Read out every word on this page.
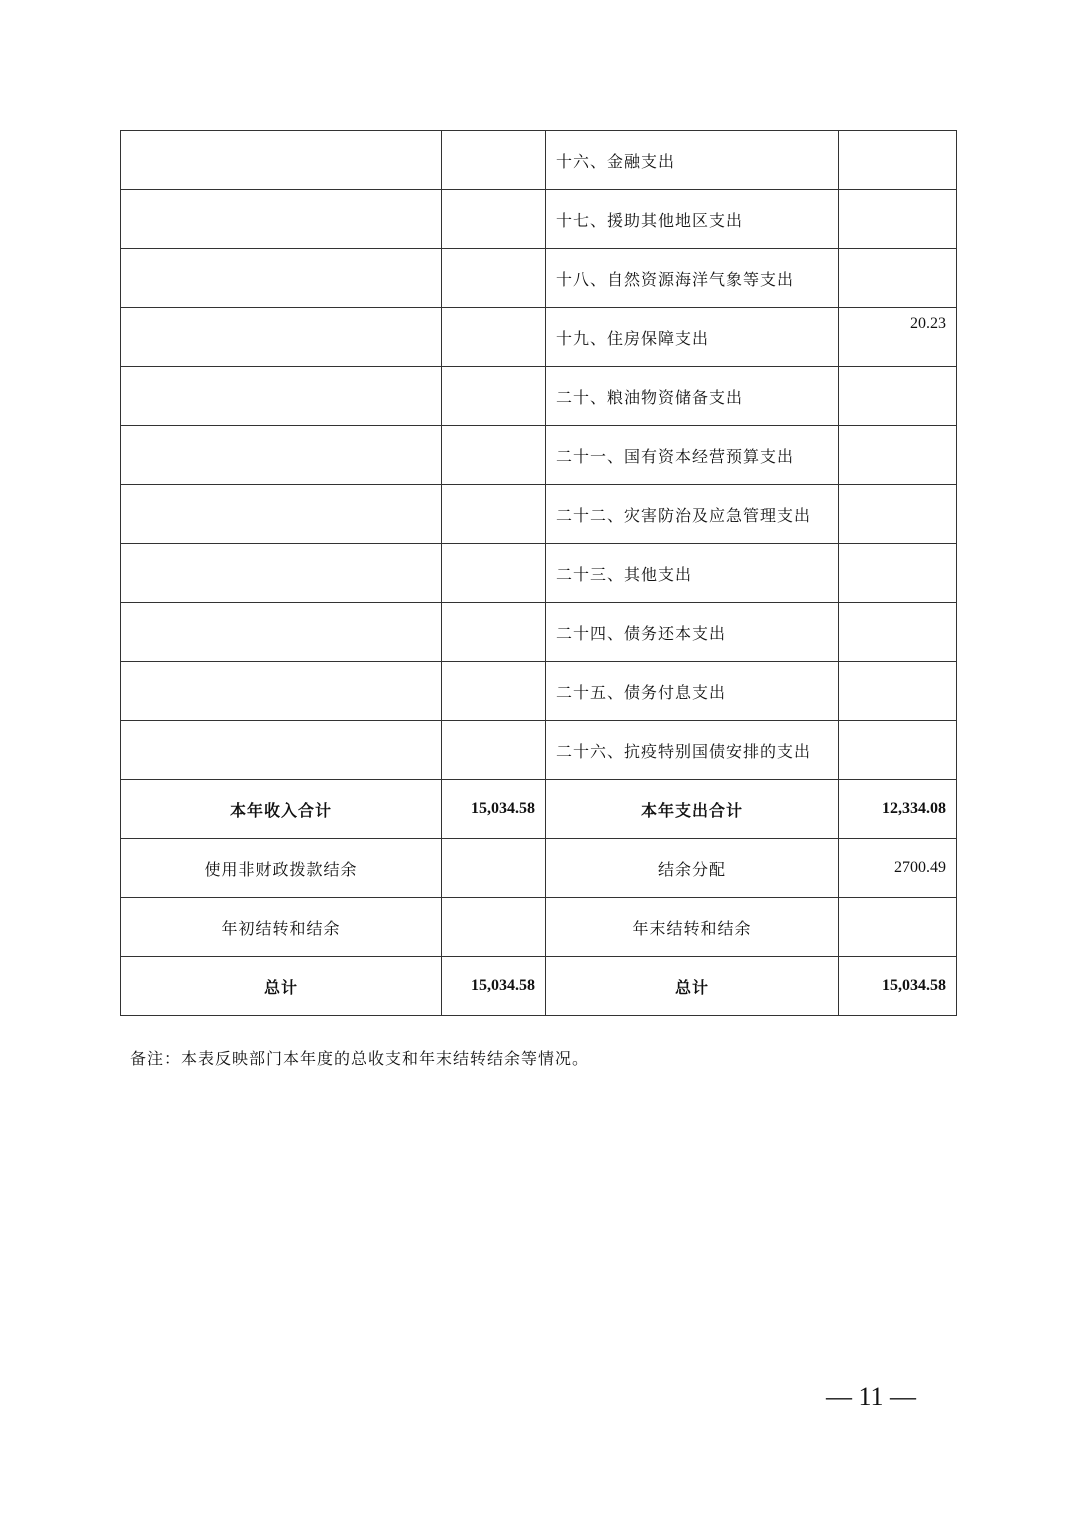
		十六、金融支出	
		十七、援助其他地区支出	
		十八、自然资源海洋气象等支出	
		十九、住房保障支出	20.23
		二十、粮油物资储备支出	
		二十一、国有资本经营预算支出	
		二十二、灾害防治及应急管理支出	
		二十三、其他支出	
		二十四、债务还本支出	
		二十五、债务付息支出	
		二十六、抗疫特别国债安排的支出	
本年收入合计	15,034.58	本年支出合计	12,334.08
使用非财政拨款结余		结余分配	2700.49
年初结转和结余		年末结转和结余	
总计	15,034.58	总计	15,034.58
备注：本表反映部门本年度的总收支和年末结转结余等情况。
— 11 —
